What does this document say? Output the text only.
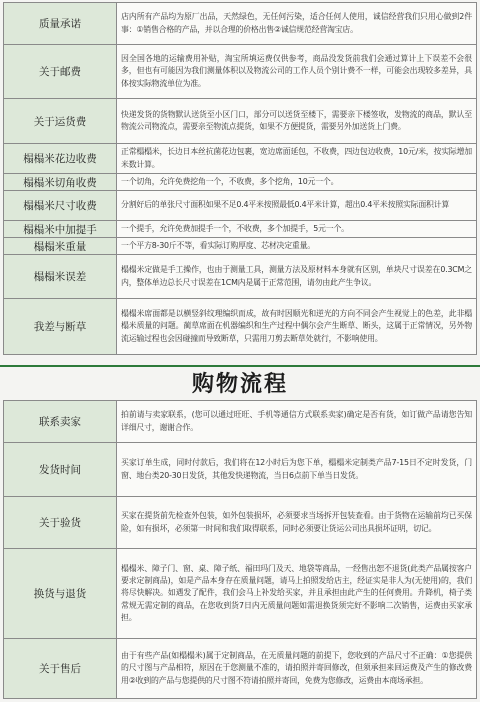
质量承诺	店内所有产品均为原厂出品，天然绿色，无任何污染，适合任何人使用，诚信经营我们只用心做到2件事：①销售合格的产品，并以合理的价格出售②诚信规范经营淘宝店。
关于邮费	因全国各地的运输费用补贴，淘宝所填运费仅供参考，商品没发货前我们会通过算计上下误差不会很多，但也有可能因为我们测量体积以及物流公司的工作人员个别计费不一样，可能会出现较多差异，具体按实际物流单位为准。
关于运货费	快递发货的货物默认送货至小区门口，部分可以送货至楼下，需要亲下楼签收，发物流的商品，默认至物流公司物流点，需要亲至物流点提货，如果不方便提货，需要另外加送货上门费。
榻榻米花边收费	正常榻榻米，长边日本丝抗菌花边包裹，宽边席面延包，不收费，四边包边收费，10元/米，按实际增加米数计算。
榻榻米切角收费	一个切角，允许免费挖角一个，不收费，多个挖角，10元一个。
榻榻米尺寸收费	分割好后的单张尺寸面积如果不足0.4平米按照最低0.4平米计算，超出0.4平米按照实际面积计算
榻榻米中加提手	一个提手，允许免费加提手一个，不收费，多个加提手，5元一个。
榻榻米重量	一个平方8-30斤不等，看实际订购厚度、芯材决定重量。
榻榻米误差	榻榻米定做是手工操作，也由于测量工具，测量方法及原材料本身就有区别，单块尺寸误差在0.3CM之内，整体单边总长尺寸误差在1CM内是属于正常范围，请勿由此产生争议。
我差与断草	榻榻米席面都是以横竖斜纹理编织而成，故有时因顺光和逆光的方向不同会产生视觉上的色差，此非榻榻米质量的问题。蔺草席面在机器编织和生产过程中偶尔会产生断草、断头，这属于正常情况，另外物流运输过程也会因碰撞而导致断草，只需用刀剪去断草处就行，不影响使用。
购物流程
联系卖家	拍前请与卖家联系，(您可以通过旺旺、手机等通信方式联系卖家)确定是否有货，如订做产品请您告知详细尺寸，谢谢合作。
发货时间	买家订单生成，同时付款后，我们将在12小时后为您下单，榻榻米定制类产品7-15日不定时发货，门窗、地台类20-30日发货，其他发快递物流，当日6点前下单当日发货。
关于验货	买家在提货前先检查外包装，如外包装损坏，必须要求当场拆开包装查看。由于货物在运输前均已买保险，如有损坏，必须第一时间和我们取得联系，同时必须要让货运公司出具损坏证明，切记。
换货与退货	榻榻米、障子门、窗、桌、障子纸、福田玛门及天、地袋等商品，一经售出恕不退货(此类产品属按客户要求定制商品)，如是产品本身存在质量问题，请马上拍照发给店主，经证实是非人为(无使用)的，我们将尽快解决。如遇发了配件，我们会马上补发给买家，并且承担由此产生的任何费用。升降机，椅子类常规无需定制的商品，在您收到货7日内无质量问题如需退换货须完好不影响二次销售，运费由买家承担。
关于售后	由于有些产品(如榻榻米)属于定制商品，在无质量问题的前提下，您收到的产品尺寸不正确：①您提供的尺寸图与产品相符，原因在于您测量不准的，请拍照并寄回修改，但须承担来回运费及产生的修改费用②收到的产品与您提供的尺寸图不符请拍照并寄回，免费为您修改，运费由本商场承担。
